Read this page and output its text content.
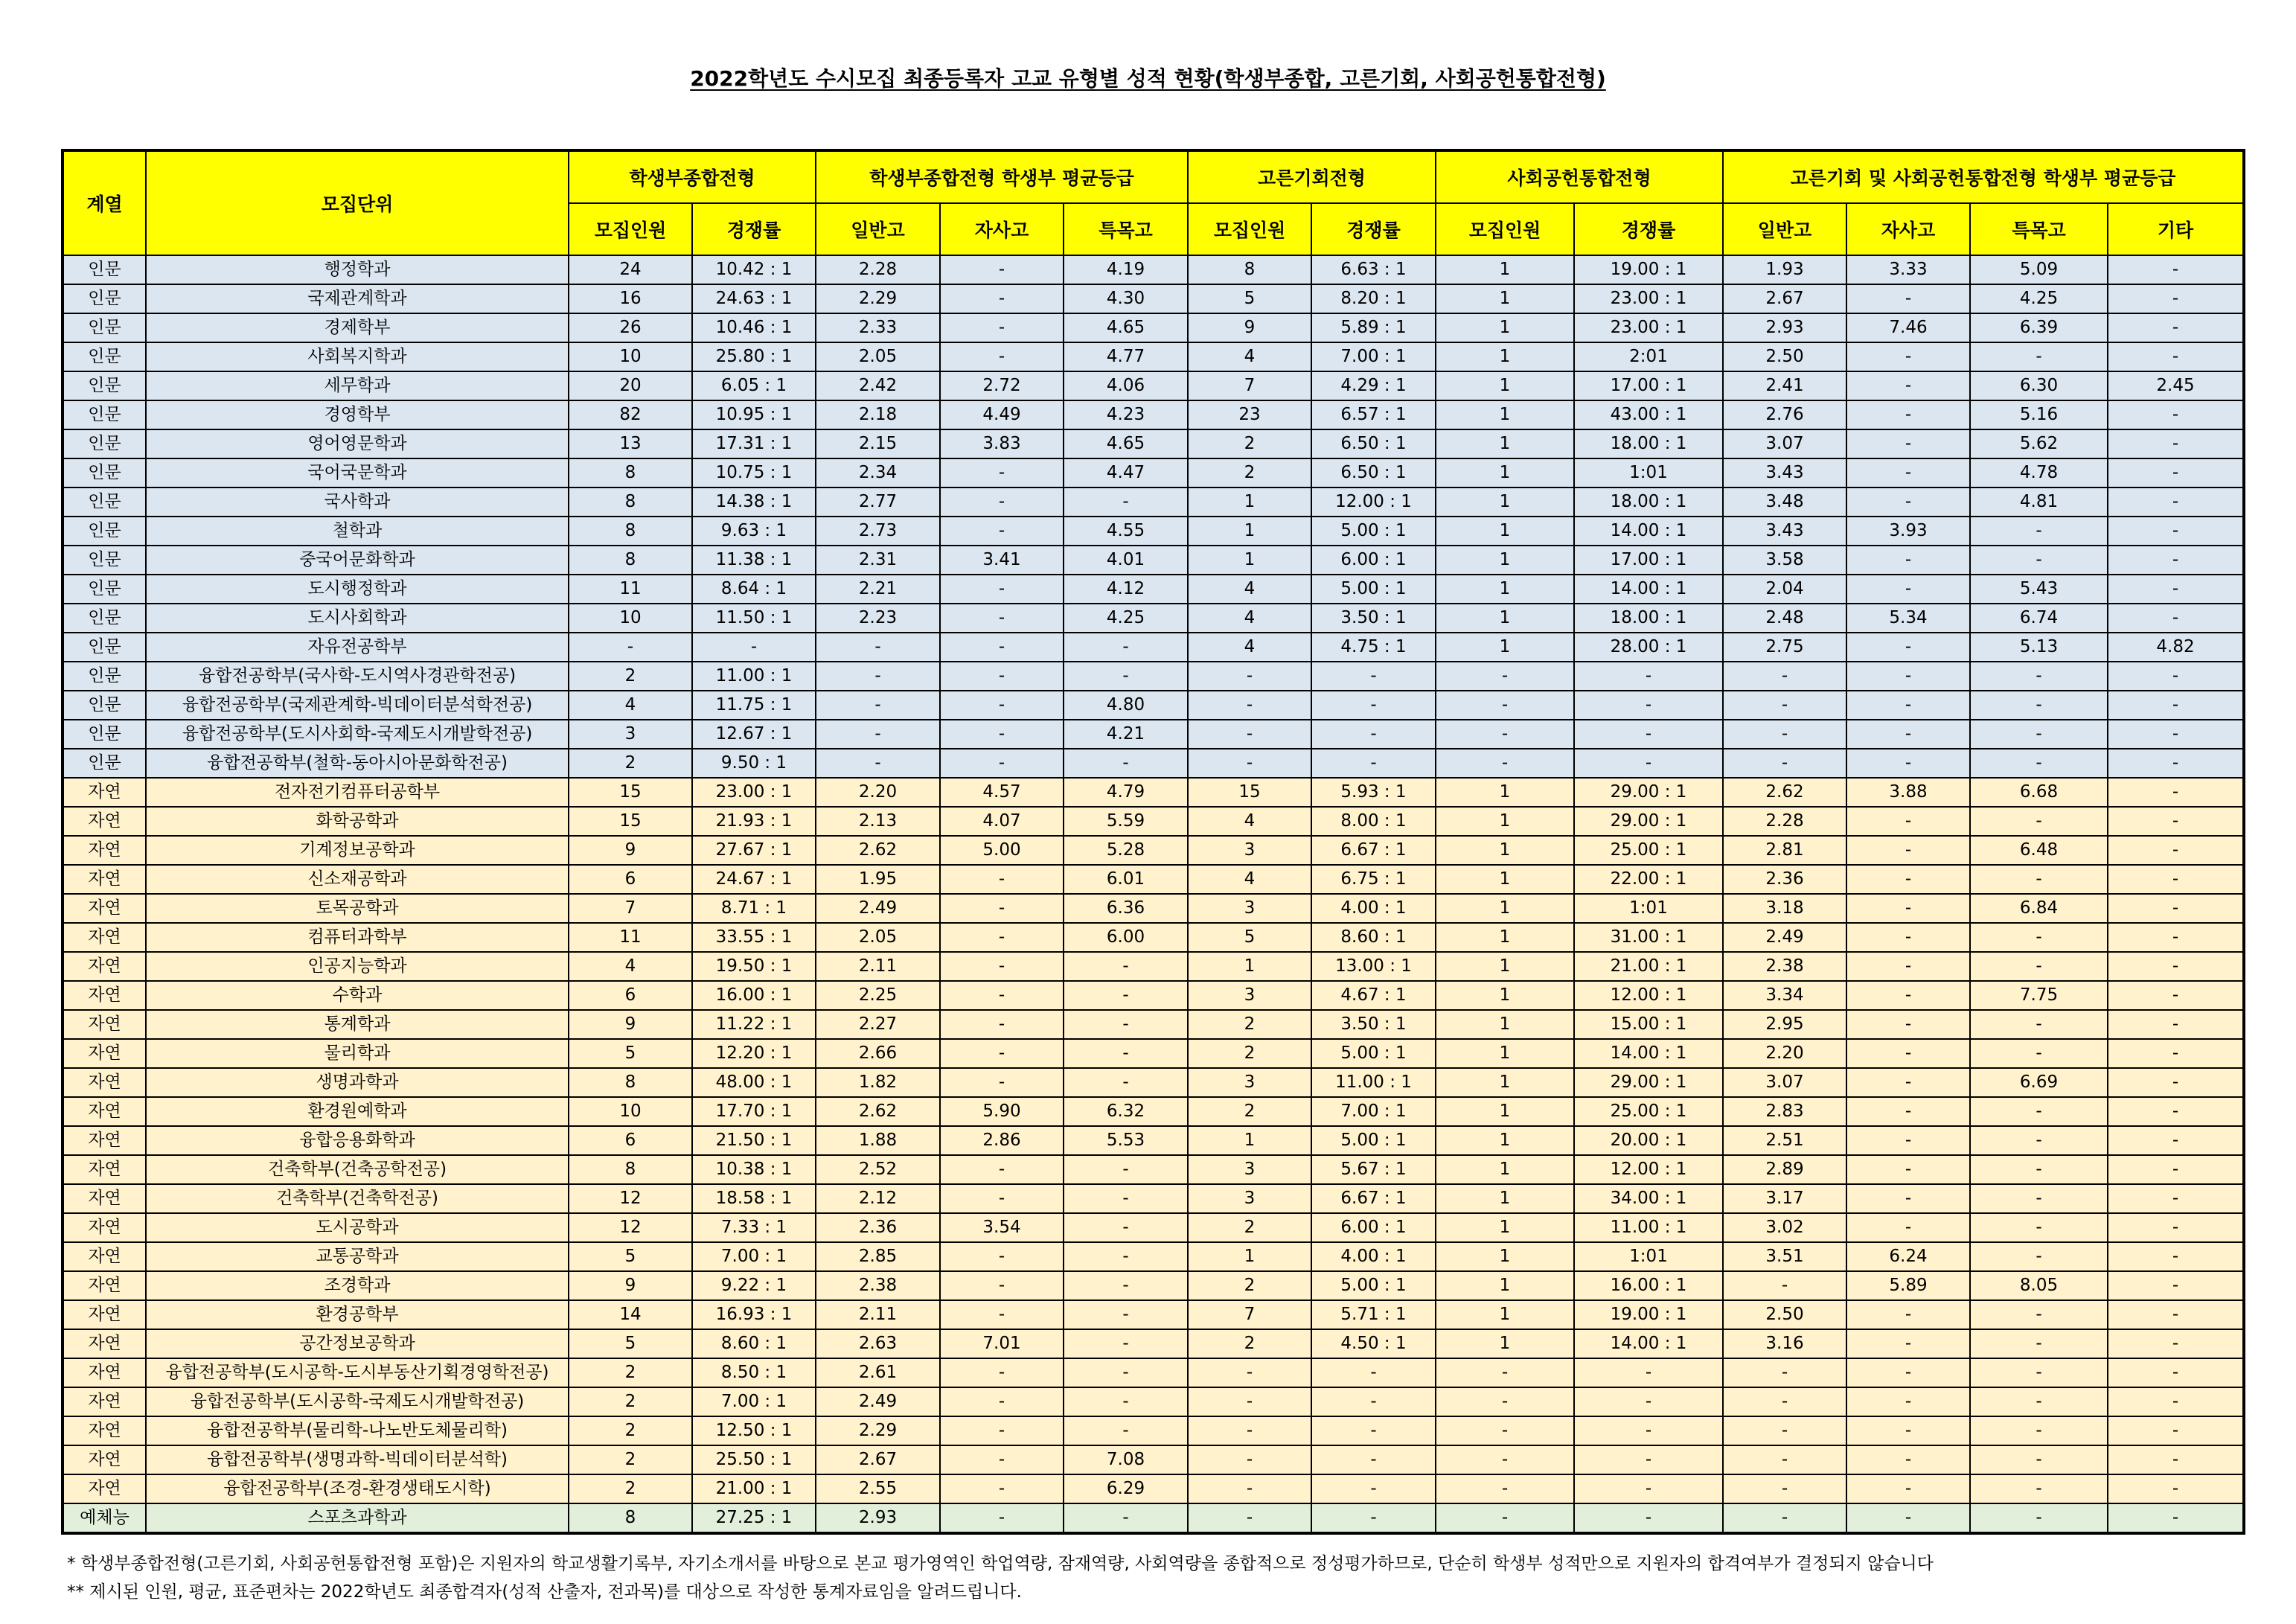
2022학년도 수시모집 최종등록자 고교 유형별 성적 현황(학생부종합, 고른기회, 사회공헌통합전형)
계열	모집단위	학생부종합전형		학생부종합전형 학생부 평균등급			고른기회전형		사회공헌통합전형		고른기회 및 사회공헌통합전형 학생부 평균등급			
		모집인원	경쟁률	일반고	자사고	특목고	모집인원	경쟁률	모집인원	경쟁률	일반고	자사고	특목고	기타
인문	행정학과	24	10.42 : 1	2.28	-	4.19	8	6.63 : 1	1	19.00 : 1	1.93	3.33	5.09	-
인문	국제관계학과	16	24.63 : 1	2.29	-	4.30	5	8.20 : 1	1	23.00 : 1	2.67	-	4.25	-
인문	경제학부	26	10.46 : 1	2.33	-	4.65	9	5.89 : 1	1	23.00 : 1	2.93	7.46	6.39	-
인문	사회복지학과	10	25.80 : 1	2.05	-	4.77	4	7.00 : 1	1	2:01	2.50	-	-	-
인문	세무학과	20	6.05 : 1	2.42	2.72	4.06	7	4.29 : 1	1	17.00 : 1	2.41	-	6.30	2.45
인문	경영학부	82	10.95 : 1	2.18	4.49	4.23	23	6.57 : 1	1	43.00 : 1	2.76	-	5.16	-
인문	영어영문학과	13	17.31 : 1	2.15	3.83	4.65	2	6.50 : 1	1	18.00 : 1	3.07	-	5.62	-
인문	국어국문학과	8	10.75 : 1	2.34	-	4.47	2	6.50 : 1	1	1:01	3.43	-	4.78	-
인문	국사학과	8	14.38 : 1	2.77	-	-	1	12.00 : 1	1	18.00 : 1	3.48	-	4.81	-
인문	철학과	8	9.63 : 1	2.73	-	4.55	1	5.00 : 1	1	14.00 : 1	3.43	3.93	-	-
인문	중국어문화학과	8	11.38 : 1	2.31	3.41	4.01	1	6.00 : 1	1	17.00 : 1	3.58	-	-	-
인문	도시행정학과	11	8.64 : 1	2.21	-	4.12	4	5.00 : 1	1	14.00 : 1	2.04	-	5.43	-
인문	도시사회학과	10	11.50 : 1	2.23	-	4.25	4	3.50 : 1	1	18.00 : 1	2.48	5.34	6.74	-
인문	자유전공학부	-	-	-	-	-	4	4.75 : 1	1	28.00 : 1	2.75	-	5.13	4.82
인문	융합전공학부(국사학-도시역사경관학전공)	2	11.00 : 1	-	-	-	-	-	-	-	-	-	-	-
인문	융합전공학부(국제관계학-빅데이터분석학전공)	4	11.75 : 1	-	-	4.80	-	-	-	-	-	-	-	-
인문	융합전공학부(도시사회학-국제도시개발학전공)	3	12.67 : 1	-	-	4.21	-	-	-	-	-	-	-	-
인문	융합전공학부(철학-동아시아문화학전공)	2	9.50 : 1	-	-	-	-	-	-	-	-	-	-	-
자연	전자전기컴퓨터공학부	15	23.00 : 1	2.20	4.57	4.79	15	5.93 : 1	1	29.00 : 1	2.62	3.88	6.68	-
자연	화학공학과	15	21.93 : 1	2.13	4.07	5.59	4	8.00 : 1	1	29.00 : 1	2.28	-	-	-
자연	기계정보공학과	9	27.67 : 1	2.62	5.00	5.28	3	6.67 : 1	1	25.00 : 1	2.81	-	6.48	-
자연	신소재공학과	6	24.67 : 1	1.95	-	6.01	4	6.75 : 1	1	22.00 : 1	2.36	-	-	-
자연	토목공학과	7	8.71 : 1	2.49	-	6.36	3	4.00 : 1	1	1:01	3.18	-	6.84	-
자연	컴퓨터과학부	11	33.55 : 1	2.05	-	6.00	5	8.60 : 1	1	31.00 : 1	2.49	-	-	-
자연	인공지능학과	4	19.50 : 1	2.11	-	-	1	13.00 : 1	1	21.00 : 1	2.38	-	-	-
자연	수학과	6	16.00 : 1	2.25	-	-	3	4.67 : 1	1	12.00 : 1	3.34	-	7.75	-
자연	통계학과	9	11.22 : 1	2.27	-	-	2	3.50 : 1	1	15.00 : 1	2.95	-	-	-
자연	물리학과	5	12.20 : 1	2.66	-	-	2	5.00 : 1	1	14.00 : 1	2.20	-	-	-
자연	생명과학과	8	48.00 : 1	1.82	-	-	3	11.00 : 1	1	29.00 : 1	3.07	-	6.69	-
자연	환경원예학과	10	17.70 : 1	2.62	5.90	6.32	2	7.00 : 1	1	25.00 : 1	2.83	-	-	-
자연	융합응용화학과	6	21.50 : 1	1.88	2.86	5.53	1	5.00 : 1	1	20.00 : 1	2.51	-	-	-
자연	건축학부(건축공학전공)	8	10.38 : 1	2.52	-	-	3	5.67 : 1	1	12.00 : 1	2.89	-	-	-
자연	건축학부(건축학전공)	12	18.58 : 1	2.12	-	-	3	6.67 : 1	1	34.00 : 1	3.17	-	-	-
자연	도시공학과	12	7.33 : 1	2.36	3.54	-	2	6.00 : 1	1	11.00 : 1	3.02	-	-	-
자연	교통공학과	5	7.00 : 1	2.85	-	-	1	4.00 : 1	1	1:01	3.51	6.24	-	-
자연	조경학과	9	9.22 : 1	2.38	-	-	2	5.00 : 1	1	16.00 : 1	-	5.89	8.05	-
자연	환경공학부	14	16.93 : 1	2.11	-	-	7	5.71 : 1	1	19.00 : 1	2.50	-	-	-
자연	공간정보공학과	5	8.60 : 1	2.63	7.01	-	2	4.50 : 1	1	14.00 : 1	3.16	-	-	-
자연	융합전공학부(도시공학-도시부동산기획경영학전공)	2	8.50 : 1	2.61	-	-	-	-	-	-	-	-	-	-
자연	융합전공학부(도시공학-국제도시개발학전공)	2	7.00 : 1	2.49	-	-	-	-	-	-	-	-	-	-
자연	융합전공학부(물리학-나노반도체물리학)	2	12.50 : 1	2.29	-	-	-	-	-	-	-	-	-	-
자연	융합전공학부(생명과학-빅데이터분석학)	2	25.50 : 1	2.67	-	7.08	-	-	-	-	-	-	-	-
자연	융합전공학부(조경-환경생태도시학)	2	21.00 : 1	2.55	-	6.29	-	-	-	-	-	-	-	-
예체능	스포츠과학과	8	27.25 : 1	2.93	-	-	-	-	-	-	-	-	-	-

* 학생부종합전형(고른기회, 사회공헌통합전형 포함)은 지원자의 학교생활기록부, 자기소개서를 바탕으로 본교 평가영역인 학업역량, 잠재역량, 사회역량을 종합적으로 정성평가하므로, 단순히 학생부 성적만으로 지원자의 합격여부가 결정되지 않습니다

** 제시된 인원, 평균, 표준편차는 2022학년도 최종합격자(성적 산출자, 전과목)를 대상으로 작성한 통계자료임을 알려드립니다.
